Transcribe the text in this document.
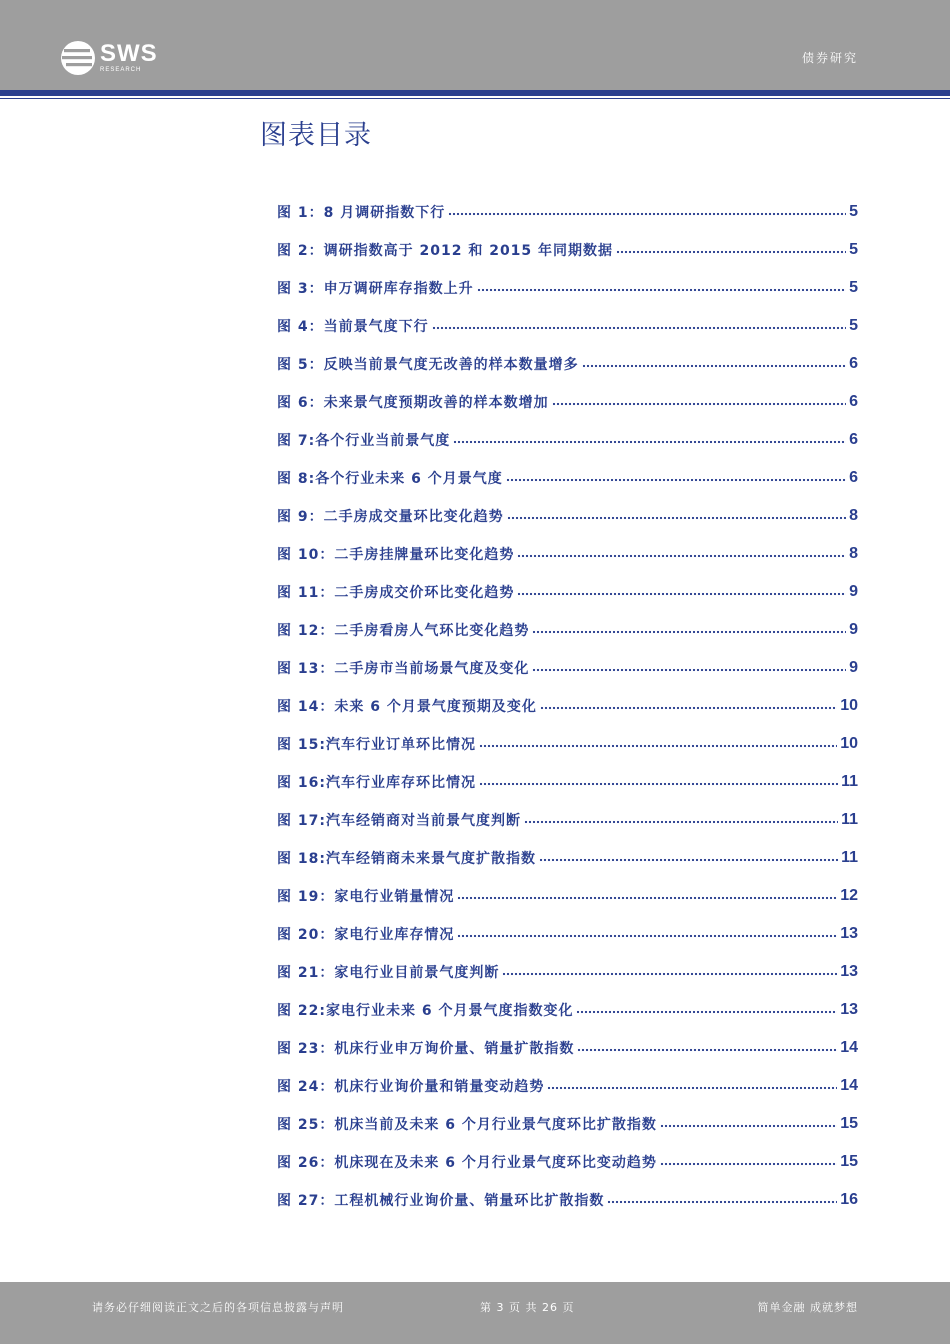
SWS
RESEARCH
债券研究
图表目录
图 1：8 月调研指数下行	5
图 2：调研指数高于 2012 和 2015 年同期数据	5
图 3：申万调研库存指数上升	5
图 4：当前景气度下行	5
图 5：反映当前景气度无改善的样本数量增多	6
图 6：未来景气度预期改善的样本数增加	6
图 7:各个行业当前景气度	6
图 8:各个行业未来 6 个月景气度	6
图 9：二手房成交量环比变化趋势	8
图 10：二手房挂牌量环比变化趋势	8
图 11：二手房成交价环比变化趋势	9
图 12：二手房看房人气环比变化趋势	9
图 13：二手房市当前场景气度及变化	9
图 14：未来 6 个月景气度预期及变化	10
图 15:汽车行业订单环比情况	10
图 16:汽车行业库存环比情况	11
图 17:汽车经销商对当前景气度判断	11
图 18:汽车经销商未来景气度扩散指数	11
图 19：家电行业销量情况	12
图 20：家电行业库存情况	13
图 21：家电行业目前景气度判断	13
图 22:家电行业未来 6 个月景气度指数变化	13
图 23：机床行业申万询价量、销量扩散指数	14
图 24：机床行业询价量和销量变动趋势	14
图 25：机床当前及未来 6 个月行业景气度环比扩散指数	15
图 26：机床现在及未来 6 个月行业景气度环比变动趋势	15
图 27：工程机械行业询价量、销量环比扩散指数	16
请务必仔细阅读正文之后的各项信息披露与声明	第 3 页 共 26 页	简单金融 成就梦想
